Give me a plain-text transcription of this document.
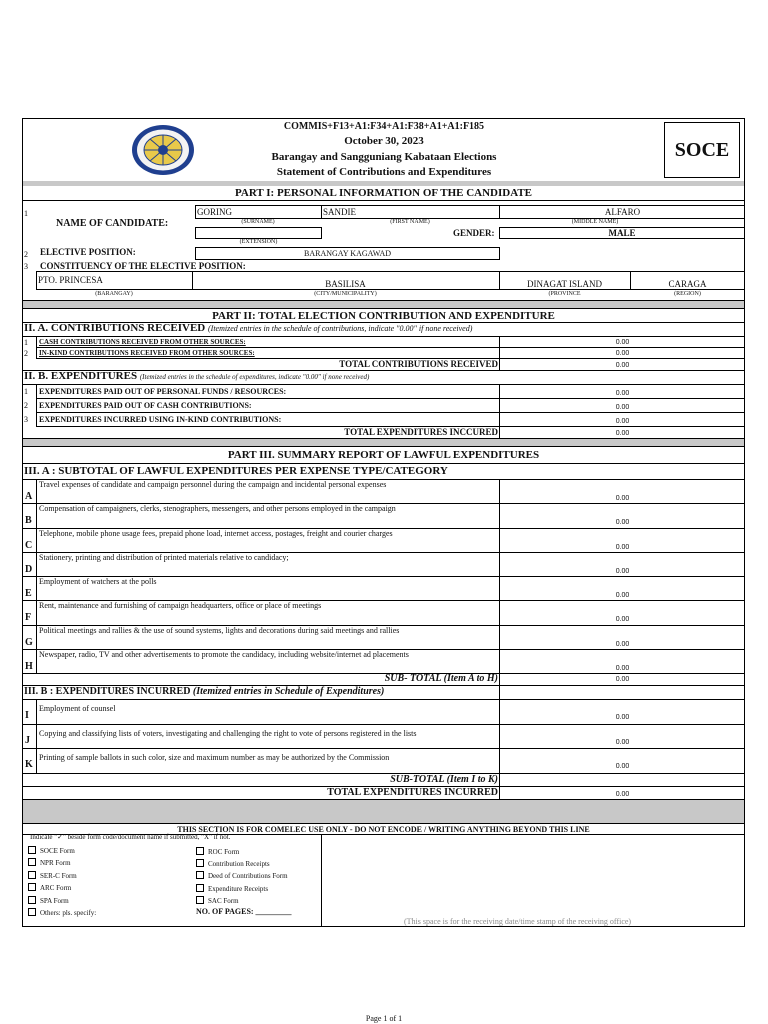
COMMIS+F13+A1:F34+A1:F38+A1+A1:F185
October 30, 2023
Barangay and Sangguniang Kabataan Elections
Statement of Contributions and Expenditures
SOCE
PART I: PERSONAL INFORMATION OF THE CANDIDATE
1
NAME OF CANDIDATE:
GORING	SANDIE	ALFARO
(SURNAME)	(FIRST NAME)	(MIDDLE NAME)
(EXTENSION)
GENDER:	MALE
2 ELECTIVE POSITION:	BARANGAY KAGAWAD
3 CONSTITUENCY OF THE ELECTIVE POSITION:
PTO. PRINCESA	BASILISA	DINAGAT ISLAND	CARAGA
(BARANGAY)	(CITY/MUNICIPALITY)	(PROVINCE	(REGION)
PART II: TOTAL ELECTION CONTRIBUTION AND EXPENDITURE
II. A. CONTRIBUTIONS RECEIVED (Itemized entries in the schedule of contributions, indicate "0.00" if none received)
1 CASH CONTRIBUTIONS RECEIVED FROM OTHER SOURCES:	0.00
2 IN-KIND CONTRIBUTIONS RECEIVED FROM OTHER SOURCES:	0.00
TOTAL CONTRIBUTIONS RECEIVED	0.00
II. B. EXPENDITURES (Itemized entries in the schedule of expenditures, indicate "0.00" if none received)
1 EXPENDITURES PAID OUT OF PERSONAL FUNDS / RESOURCES:	0.00
2 EXPENDITURES PAID OUT OF CASH CONTRIBUTIONS:	0.00
3 EXPENDITURES INCURRED USING IN-KIND CONTRIBUTIONS:	0.00
TOTAL EXPENDITURES INCCURED	0.00
PART III. SUMMARY REPORT OF LAWFUL EXPENDITURES
III. A : SUBTOTAL OF LAWFUL EXPENDITURES PER EXPENSE TYPE/CATEGORY
A
Travel expenses of candidate and campaign personnel during the campaign and incidental personal expenses
0.00
B
Compensation of campaigners, clerks, stenographers, messengers, and other persons employed in the campaign
0.00
C
Telephone, mobile phone usage fees, prepaid phone load, internet access, postages, freight and courier charges
0.00
D
Stationery, printing and distribution of printed materials relative to candidacy;
0.00
E
Employment of watchers at the polls
0.00
F
Rent, maintenance and furnishing of campaign headquarters, office or place of meetings
0.00
G
Political meetings and rallies & the use of sound systems, lights and decorations during said meetings and rallies
0.00
H
Newspaper, radio, TV and other advertisements to promote the candidacy, including website/internet ad placements
0.00
SUB- TOTAL (Item A to H)	0.00
III. B : EXPENDITURES INCURRED (Itemized entries in Schedule of Expenditures)
I
Employment of counsel
0.00
J
Copying and classifying lists of voters, investigating and challenging the right to vote of persons registered in the lists
0.00
K
Printing of sample ballots in such color, size and maximum number as may be authorized by the Commission
0.00
SUB-TOTAL (Item I to K)
TOTAL EXPENDITURES INCURRED	0.00
THIS SECTION IS FOR COMELEC USE ONLY - DO NOT ENCODE / WRITING ANYTHING BEYOND THIS LINE
Indicate "✓" beside form code/document name if submitted, "X" if not.
SOCE Form
NPR Form
SER-C Form
ARC Form
SPA Form
Others: pls. specify:
ROC Form
Contribution Receipts
Deed of Contributions Form
Expenditure Receipts
SAC Form
NO. OF PAGES: _________
(This space is for the receiving date/time stamp of the receiving office)
Page 1 of 1
